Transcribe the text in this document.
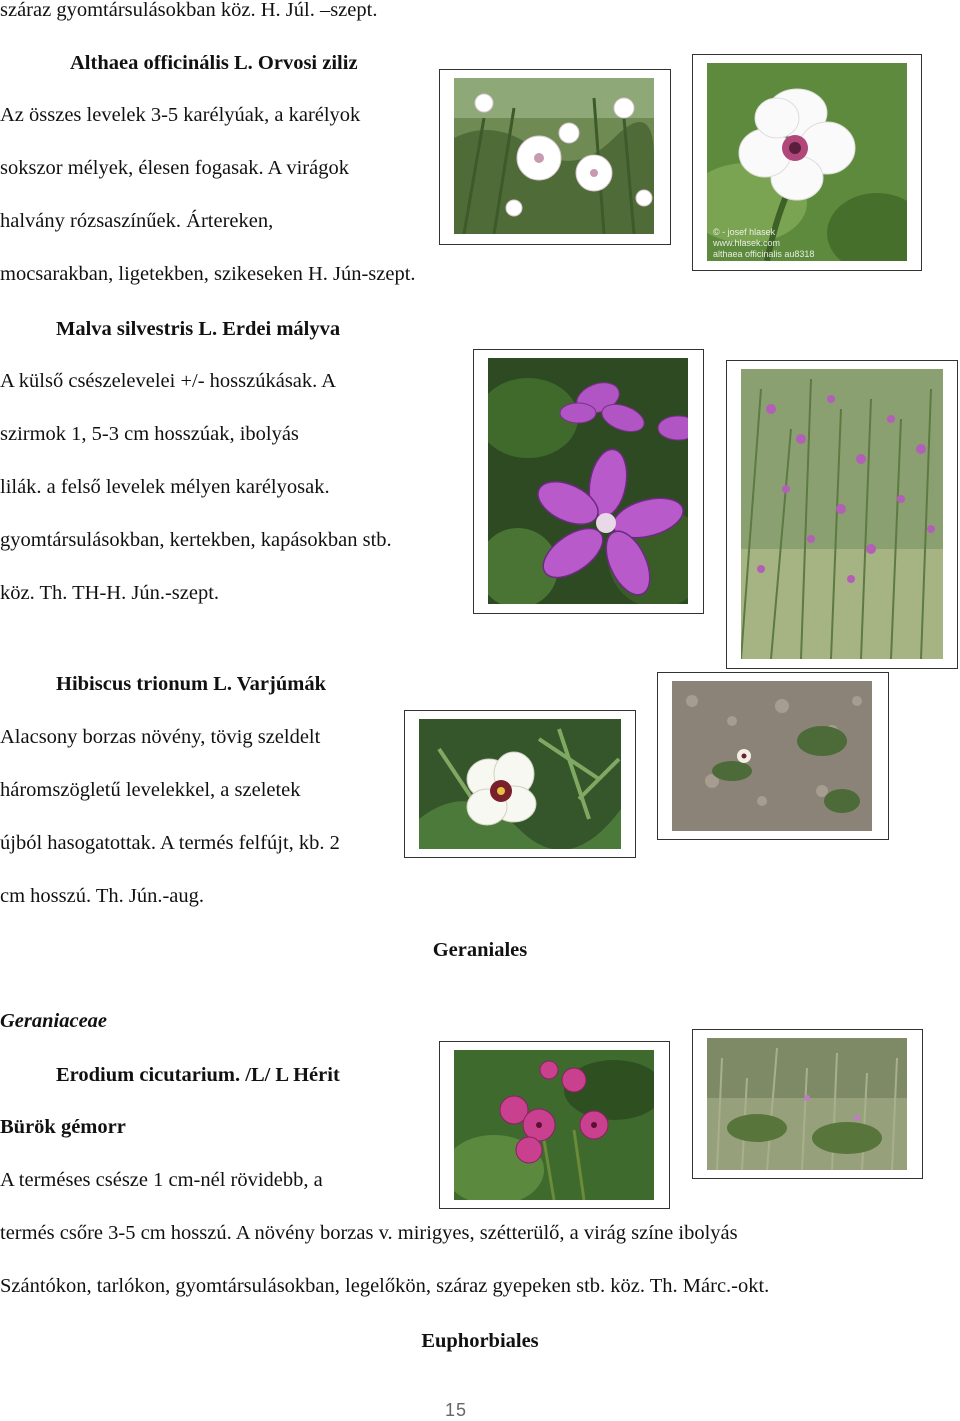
száraz gyomtársulásokban köz. H. Júl. –szept.
Althaea officinális L. Orvosi ziliz
Az összes levelek 3-5 karélyúak, a karélyok
sokszor mélyek, élesen fogasak. A virágok
halvány rózsaszínűek. Ártereken,
mocsarakban, ligetekben, szikeseken H. Jún-szept.
Malva silvestris L. Erdei mályva
A külső csészelevelei +/- hosszúkásak. A
szirmok 1, 5-3 cm hosszúak, ibolyás
lilák. a felső levelek mélyen karélyosak.
gyomtársulásokban, kertekben, kapásokban stb.
köz. Th. TH-H. Jún.-szept.
Hibiscus trionum L. Varjúmák
Alacsony borzas növény, tövig szeldelt
háromszögletű levelekkel, a szeletek
újból hasogatottak. A termés felfújt, kb. 2
cm hosszú. Th. Jún.-aug.
Geraniales
Geraniaceae
Erodium cicutarium. /L/ L Hérit
Bürök gémorr
A terméses csésze 1 cm-nél rövidebb, a
termés csőre 3-5 cm hosszú. A növény borzas v. mirigyes, szétterülő, a virág színe ibolyás
Szántókon, tarlókon, gyomtársulásokban, legelőkön, száraz gyepeken stb. köz. Th. Márc.-okt.
Euphorbiales
15
© - josef hlasek
www.hlasek.com
althaea officinalis au8318
